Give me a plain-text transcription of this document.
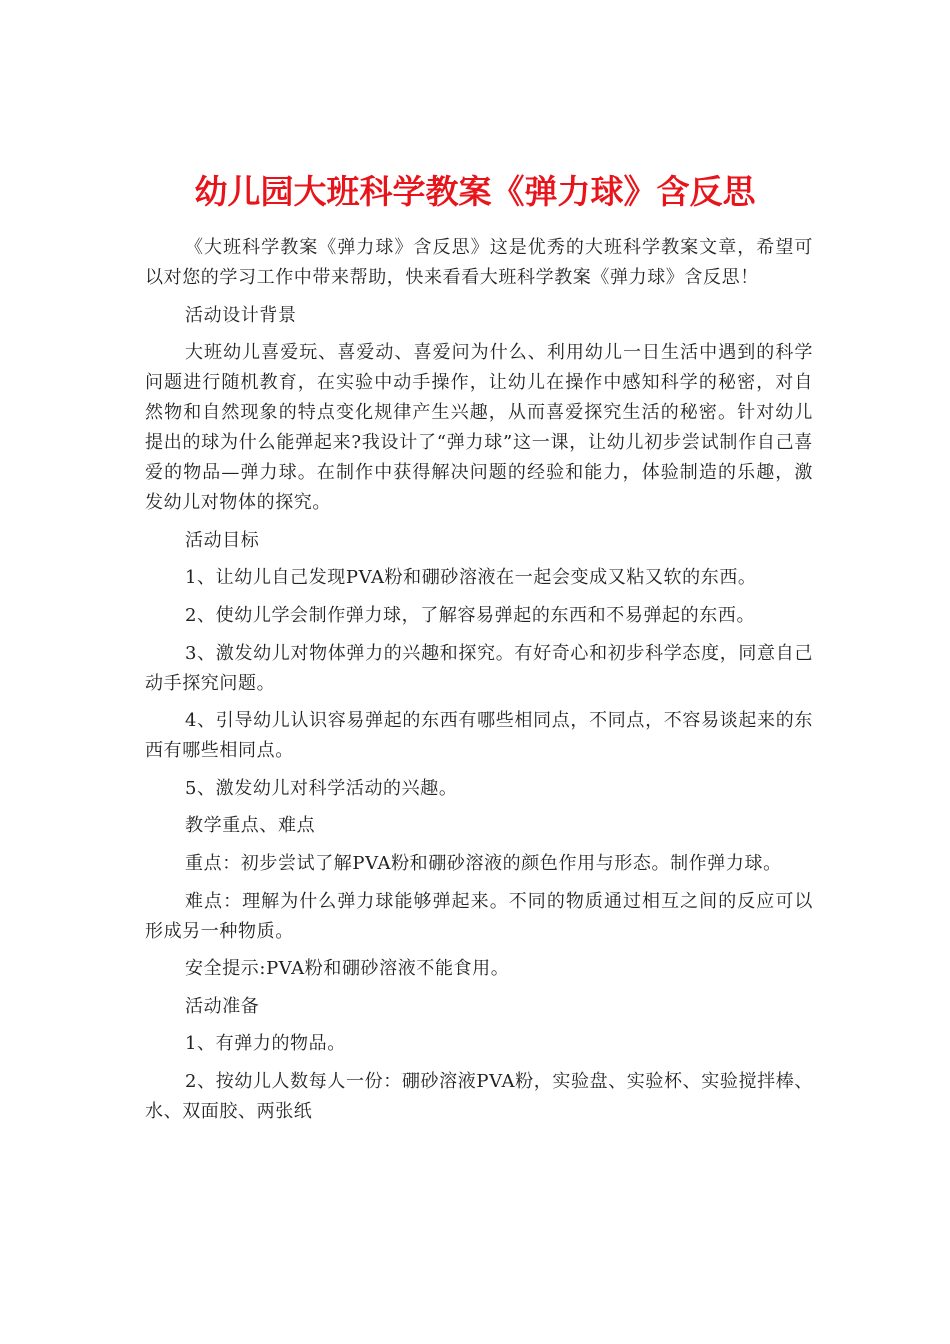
幼儿园大班科学教案《弹力球》含反思

《大班科学教案《弹力球》含反思》这是优秀的大班科学教案文章，希望可以对您的学习工作中带来帮助，快来看看大班科学教案《弹力球》含反思！

活动设计背景

大班幼儿喜爱玩、喜爱动、喜爱问为什么、利用幼儿一日生活中遇到的科学问题进行随机教育，在实验中动手操作，让幼儿在操作中感知科学的秘密，对自然物和自然现象的特点变化规律产生兴趣，从而喜爱探究生活的秘密。针对幼儿提出的球为什么能弹起来?我设计了“弹力球”这一课，让幼儿初步尝试制作自己喜爱的物品—弹力球。在制作中获得解决问题的经验和能力，体验制造的乐趣，激发幼儿对物体的探究。

活动目标

1、让幼儿自己发现PVA粉和硼砂溶液在一起会变成又粘又软的东西。

2、使幼儿学会制作弹力球，了解容易弹起的东西和不易弹起的东西。

3、激发幼儿对物体弹力的兴趣和探究。有好奇心和初步科学态度，同意自己动手探究问题。

4、引导幼儿认识容易弹起的东西有哪些相同点，不同点，不容易谈起来的东西有哪些相同点。

5、激发幼儿对科学活动的兴趣。

教学重点、难点

重点：初步尝试了解PVA粉和硼砂溶液的颜色作用与形态。制作弹力球。

难点：理解为什么弹力球能够弹起来。不同的物质通过相互之间的反应可以形成另一种物质。

安全提示:PVA粉和硼砂溶液不能食用。

活动准备

1、有弹力的物品。

2、按幼儿人数每人一份：硼砂溶液PVA粉，实验盘、实验杯、实验搅拌棒、水、双面胶、两张纸
